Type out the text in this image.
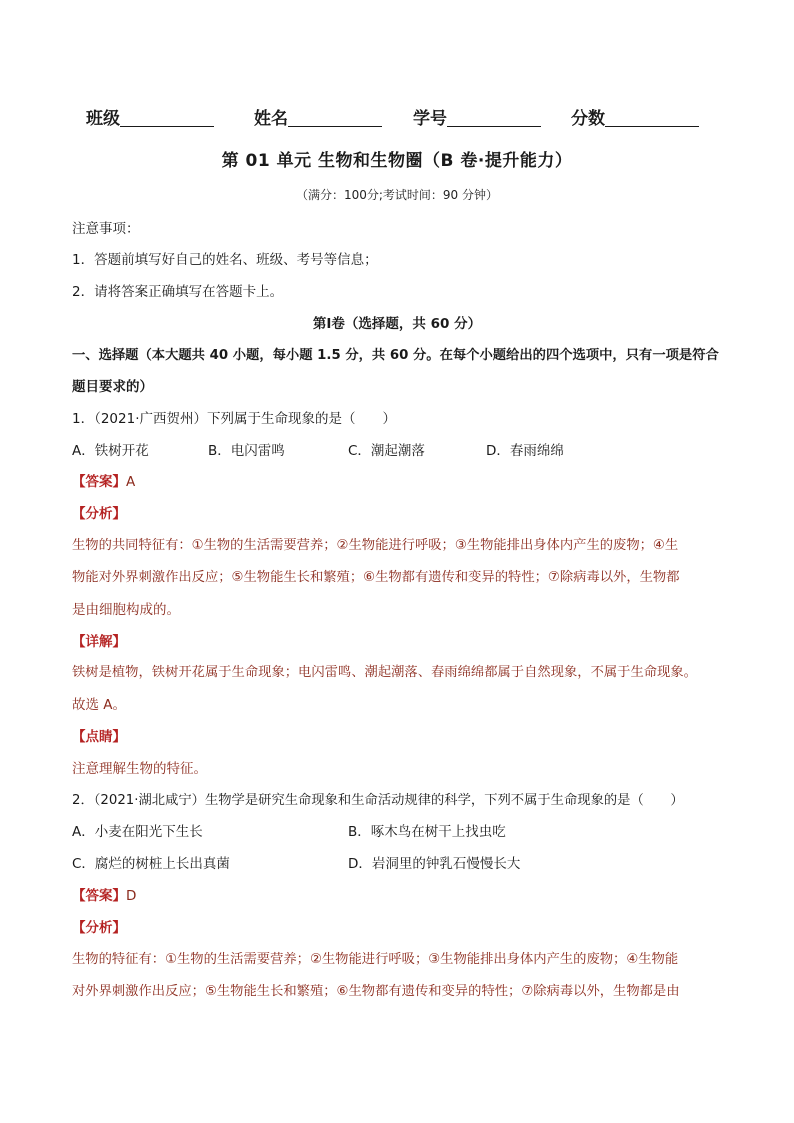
班级	姓名	学号	分数
第 01 单元 生物和生物圈（B 卷·提升能力）
（满分：100分;考试时间：90 分钟）
注意事项：
1．答题前填写好自己的姓名、班级、考号等信息；
2．请将答案正确填写在答题卡上。
第Ⅰ卷（选择题，共 60 分）
一、选择题（本大题共 40 小题，每小题 1.5 分，共 60 分。在每个小题给出的四个选项中，只有一项是符合
题目要求的）
1．（2021·广西贺州）下列属于生命现象的是（　　）
A．铁树开花	B．电闪雷鸣	C．潮起潮落	D．春雨绵绵
【答案】A
【分析】
生物的共同特征有：①生物的生活需要营养；②生物能进行呼吸；③生物能排出身体内产生的废物；④生
物能对外界刺激作出反应；⑤生物能生长和繁殖；⑥生物都有遗传和变异的特性；⑦除病毒以外，生物都
是由细胞构成的。
【详解】
铁树是植物，铁树开花属于生命现象；电闪雷鸣、潮起潮落、春雨绵绵都属于自然现象，不属于生命现象。
故选 A。
【点睛】
注意理解生物的特征。
2．（2021·湖北咸宁）生物学是研究生命现象和生命活动规律的科学，下列不属于生命现象的是（　　）
A．小麦在阳光下生长	B．啄木鸟在树干上找虫吃
C．腐烂的树桩上长出真菌	D．岩洞里的钟乳石慢慢长大
【答案】D
【分析】
生物的特征有：①生物的生活需要营养；②生物能进行呼吸；③生物能排出身体内产生的废物；④生物能
对外界刺激作出反应；⑤生物能生长和繁殖；⑥生物都有遗传和变异的特性；⑦除病毒以外，生物都是由
